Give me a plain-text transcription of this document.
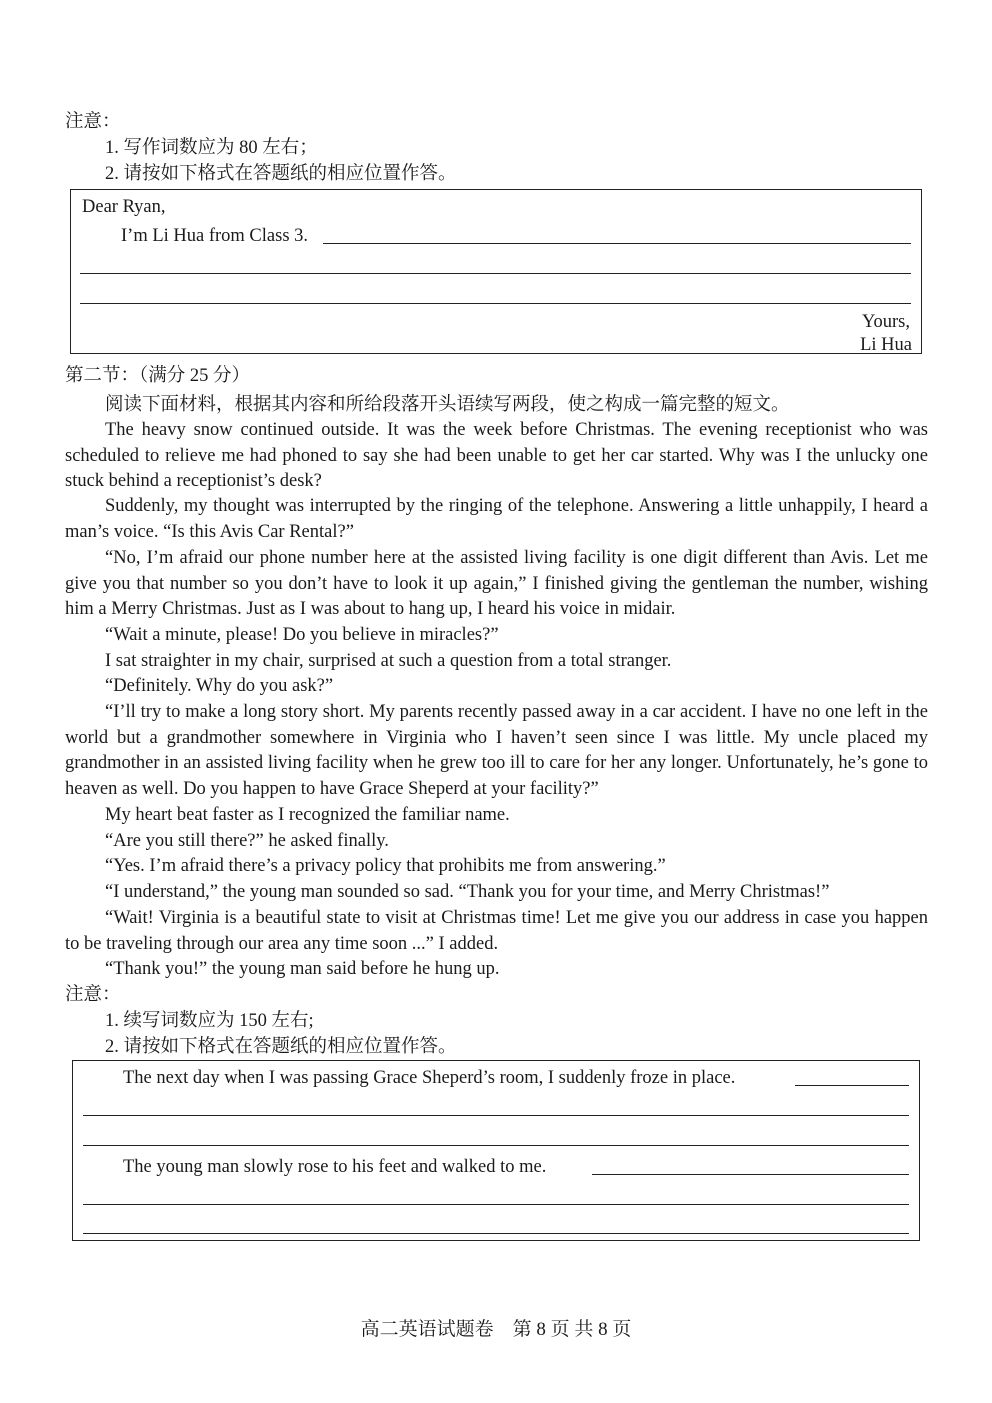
注意：
1. 写作词数应为 80 左右；
2. 请按如下格式在答题纸的相应位置作答。
Dear Ryan,
I’m Li Hua from Class 3.
Yours,
Li Hua
第二节：（满分 25 分）
阅读下面材料，根据其内容和所给段落开头语续写两段，使之构成一篇完整的短文。
The heavy snow continued outside. It was the week before Christmas. The evening receptionist who was scheduled to relieve me had phoned to say she had been unable to get her car started. Why was I the unlucky one stuck behind a receptionist’s desk?
Suddenly, my thought was interrupted by the ringing of the telephone. Answering a little unhappily, I heard a man’s voice. “Is this Avis Car Rental?”
“No, I’m afraid our phone number here at the assisted living facility is one digit different than Avis. Let me give you that number so you don’t have to look it up again,” I finished giving the gentleman the number, wishing him a Merry Christmas. Just as I was about to hang up, I heard his voice in midair.
“Wait a minute, please! Do you believe in miracles?”
I sat straighter in my chair, surprised at such a question from a total stranger.
“Definitely. Why do you ask?”
“I’ll try to make a long story short. My parents recently passed away in a car accident. I have no one left in the world but a grandmother somewhere in Virginia who I haven’t seen since I was little. My uncle placed my grandmother in an assisted living facility when he grew too ill to care for her any longer. Unfortunately, he’s gone to heaven as well. Do you happen to have Grace Sheperd at your facility?”
My heart beat faster as I recognized the familiar name.
“Are you still there?” he asked finally.
“Yes. I’m afraid there’s a privacy policy that prohibits me from answering.”
“I understand,” the young man sounded so sad. “Thank you for your time, and Merry Christmas!”
“Wait! Virginia is a beautiful state to visit at Christmas time! Let me give you our address in case you happen to be traveling through our area any time soon ...” I added.
“Thank you!” the young man said before he hung up.
注意：
1. 续写词数应为 150 左右;
2. 请按如下格式在答题纸的相应位置作答。
The next day when I was passing Grace Sheperd’s room, I suddenly froze in place.
The young man slowly rose to his feet and walked to me.
高二英语试题卷　第 8 页 共 8 页
